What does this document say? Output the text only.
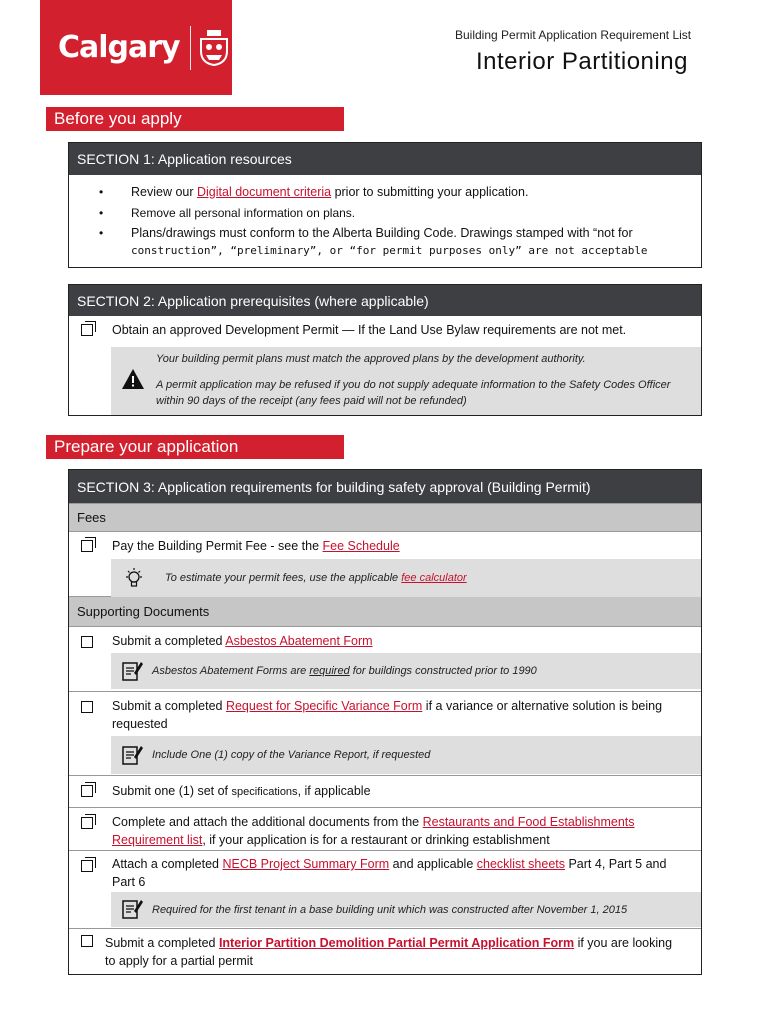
Calgary	Building Permit Application Requirement List
Interior Partitioning
Before you apply
SECTION 1: Application resources
• Review our Digital document criteria prior to submitting your application.
• Remove all personal information on plans.
• Plans/drawings must conform to the Alberta Building Code. Drawings stamped with “not for
construction”, “preliminary”, or “for permit purposes only” are not acceptable
SECTION 2: Application prerequisites (where applicable)
Obtain an approved Development Permit — If the Land Use Bylaw requirements are not met.
Your building permit plans must match the approved plans by the development authority.
A permit application may be refused if you do not supply adequate information to the Safety Codes Officer within 90 days of the receipt (any fees paid will not be refunded)
Prepare your application
SECTION 3: Application requirements for building safety approval (Building Permit)
Fees
Pay the Building Permit Fee - see the Fee Schedule
To estimate your permit fees, use the applicable fee calculator
Supporting Documents
Submit a completed Asbestos Abatement Form
Asbestos Abatement Forms are required for buildings constructed prior to 1990
Submit a completed Request for Specific Variance Form if a variance or alternative solution is being requested
Include One (1) copy of the Variance Report, if requested
Submit one (1) set of specifications, if applicable
Complete and attach the additional documents from the Restaurants and Food Establishments Requirement list, if your application is for a restaurant or drinking establishment
Attach a completed NECB Project Summary Form and applicable checklist sheets Part 4, Part 5 and Part 6
Required for the first tenant in a base building unit which was constructed after November 1, 2015
Submit a completed Interior Partition Demolition Partial Permit Application Form if you are looking to apply for a partial permit
